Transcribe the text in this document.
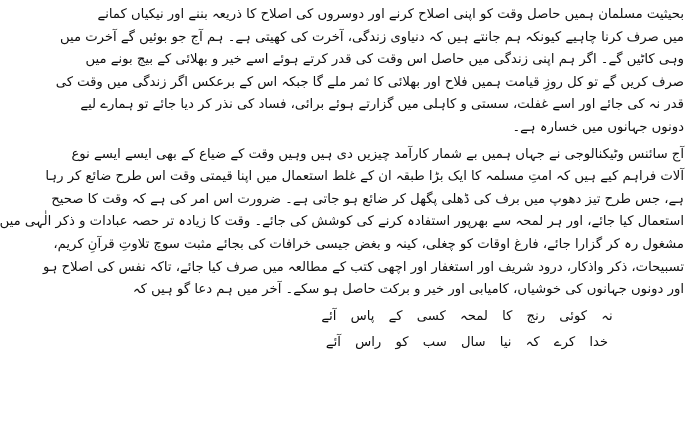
بحیثیت مسلمان ہمیں حاصل وقت کو اپنی اصلاح کرنے اور دوسروں کی اصلاح کا ذریعہ بننے اور نیکیاں کمانے
میں صرف کرنا چاہیے کیونکہ ہم جانتے ہیں کہ دنیاوی زندگی، آخرت کی کھیتی ہے۔ ہم آج جو بوئیں گے آخرت میں
وہی کاٹیں گے۔ اگر ہم اپنی زندگی میں حاصل اس وقت کی قدر کرتے ہوئے اسے خیر و بھلائی کے بیج بونے میں
صرف کریں گے تو کل روزِ قیامت ہمیں فلاح اور بھلائی کا ثمر ملے گا جبکہ اس کے برعکس اگر زندگی میں وقت کی
قدر نہ کی جائے اور اسے غفلت، سستی و کاہلی میں گزارتے ہوئے برائی، فساد کی نذر کر دیا جائے تو ہمارے لیے
دونوں جہانوں میں خسارہ ہے۔
آج سائنس وٹیکنالوجی نے جہاں ہمیں بے شمار کارآمد چیزیں دی ہیں وہیں وقت کے ضیاع کے بھی ایسے ایسے نوع
آلات فراہم کیے ہیں کہ امتِ مسلمہ کا ایک بڑا طبقہ ان کے غلط استعمال میں اپنا قیمتی وقت اس طرح ضائع کر رہا
ہے، جس طرح تیز دھوپ میں برف کی ڈھلی پگھل کر ضائع ہو جاتی ہے۔ ضرورت اس امر کی ہے کہ وقت کا صحیح
استعمال کیا جائے، اور ہر لمحہ سے بھرپور استفادہ کرنے کی کوشش کی جائے۔ وقت کا زیادہ تر حصہ عبادات و ذکر الٰہی میں
مشغول رہ کر گزارا جائے، فارغ اوقات کو چغلی، کینہ و بغض جیسی خرافات کی بجائے مثبت سوچ تلاوتِ قرآنِ کریم،
تسبیحات، ذکر واذکار، درود شریف اور استغفار اور اچھی کتب کے مطالعہ میں صرف کیا جائے، تاکہ نفس کی اصلاح ہو
اور دونوں جہانوں کی خوشیاں، کامیابی اور خیر و برکت حاصل ہو سکے۔ آخر میں ہم دعا گو ہیں کہ
نہ کوئی رنج کا لمحہ کسی کے پاس آئے
خدا کرے کہ نیا سال سب کو راس آئے
